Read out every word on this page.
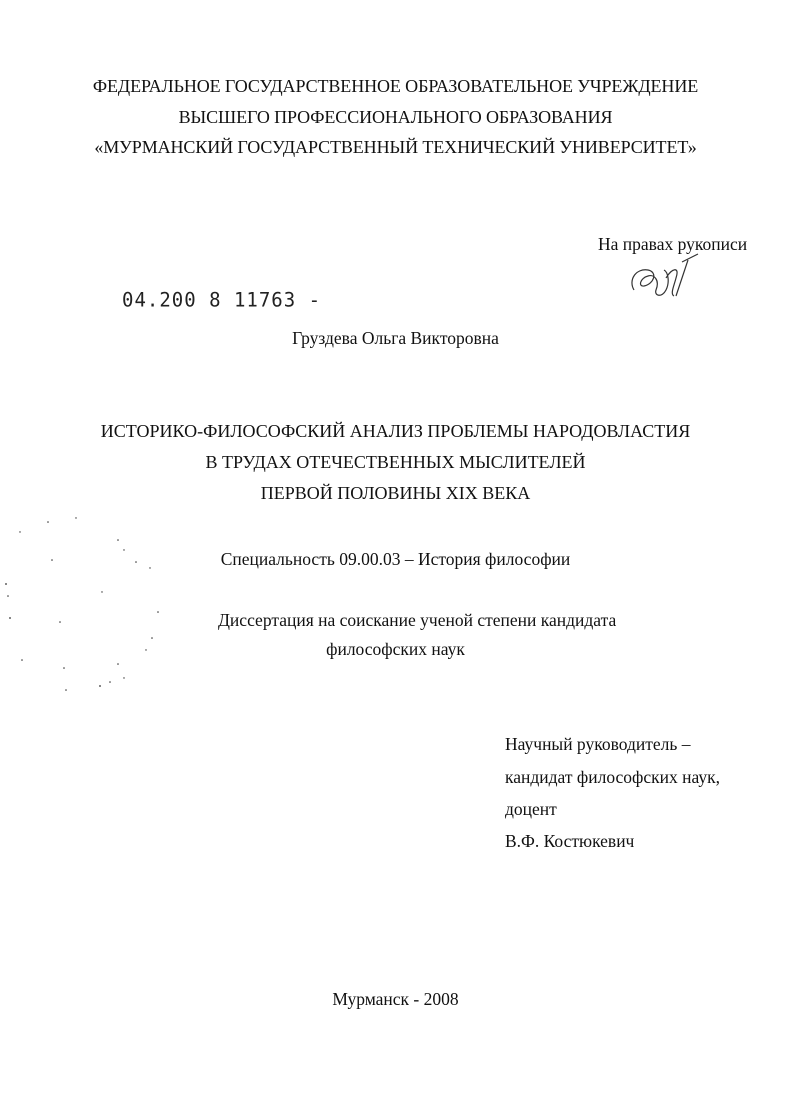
ФЕДЕРАЛЬНОЕ ГОСУДАРСТВЕННОЕ ОБРАЗОВАТЕЛЬНОЕ УЧРЕЖДЕНИЕ
ВЫСШЕГО ПРОФЕССИОНАЛЬНОГО ОБРАЗОВАНИЯ
«МУРМАНСКИЙ ГОСУДАРСТВЕННЫЙ ТЕХНИЧЕСКИЙ УНИВЕРСИТЕТ»
На правах рукописи
04.200 8 11763 -
Груздева Ольга Викторовна
ИСТОРИКО-ФИЛОСОФСКИЙ АНАЛИЗ ПРОБЛЕМЫ НАРОДОВЛАСТИЯ
В ТРУДАХ ОТЕЧЕСТВЕННЫХ МЫСЛИТЕЛЕЙ
ПЕРВОЙ ПОЛОВИНЫ XIX ВЕКА
Специальность 09.00.03 – История философии
Диссертация на соискание ученой степени кандидата
философских наук
Научный руководитель –
кандидат философских наук,
доцент
В.Ф. Костюкевич
Мурманск - 2008
